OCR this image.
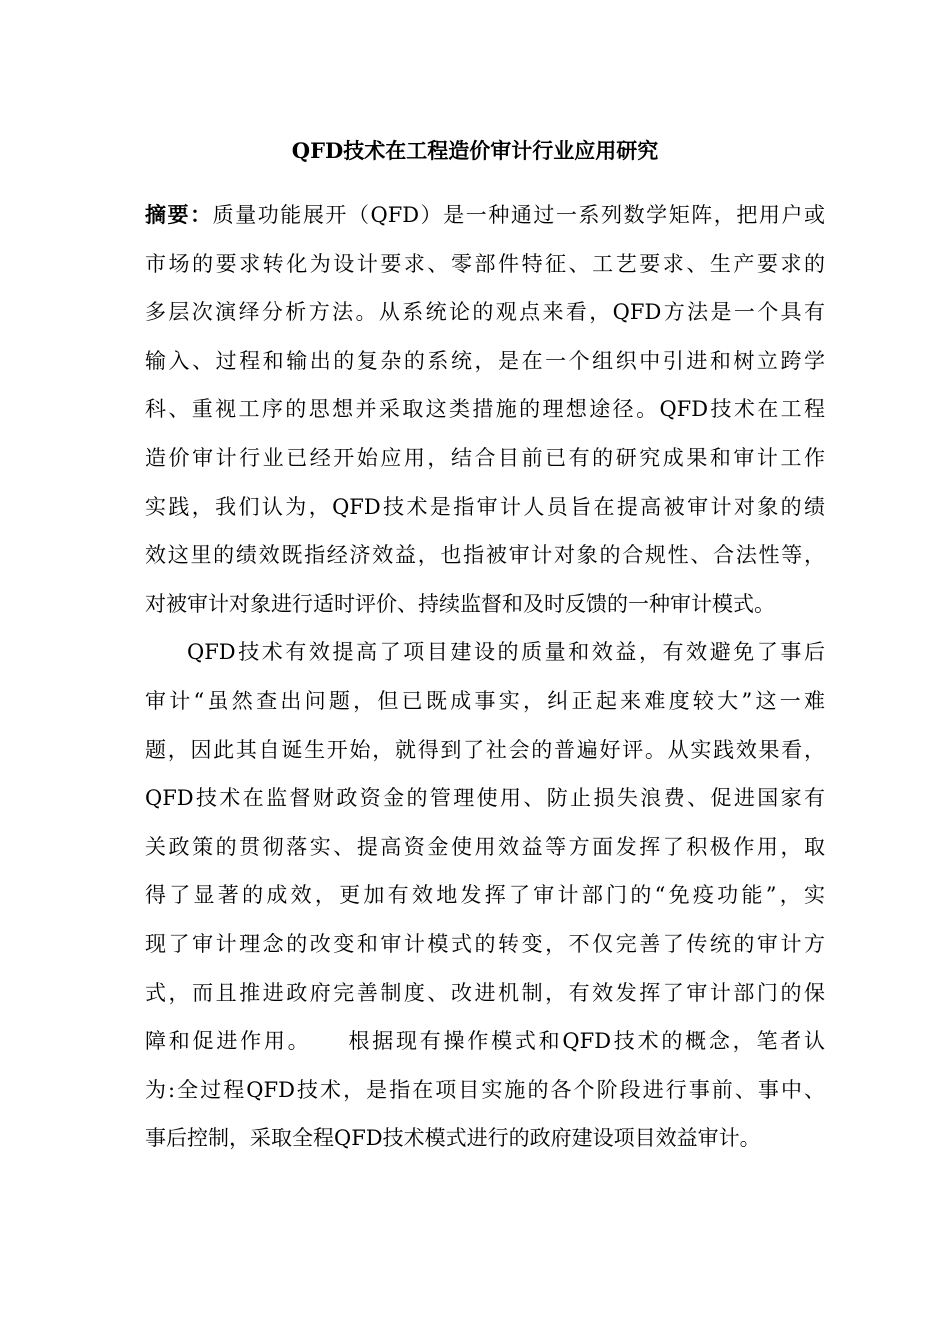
QFD技术在工程造价审计行业应用研究
摘要：质量功能展开（QFD）是一种通过一系列数学矩阵，把用户或
市场的要求转化为设计要求、零部件特征、工艺要求、生产要求的
多层次演绎分析方法。从系统论的观点来看，QFD方法是一个具有
输入、过程和输出的复杂的系统，是在一个组织中引进和树立跨学
科、重视工序的思想并采取这类措施的理想途径。QFD技术在工程
造价审计行业已经开始应用，结合目前已有的研究成果和审计工作
实践，我们认为，QFD技术是指审计人员旨在提高被审计对象的绩
效这里的绩效既指经济效益，也指被审计对象的合规性、合法性等，
对被审计对象进行适时评价、持续监督和及时反馈的一种审计模式。
QFD技术有效提高了项目建设的质量和效益，有效避免了事后
审计“虽然查出问题，但已既成事实，纠正起来难度较大”这一难
题，因此其自诞生开始，就得到了社会的普遍好评。从实践效果看，
QFD技术在监督财政资金的管理使用、防止损失浪费、促进国家有
关政策的贯彻落实、提高资金使用效益等方面发挥了积极作用，取
得了显著的成效，更加有效地发挥了审计部门的“免疫功能”，实
现了审计理念的改变和审计模式的转变，不仅完善了传统的审计方
式，而且推进政府完善制度、改进机制，有效发挥了审计部门的保
障和促进作用。　　根据现有操作模式和QFD技术的概念，笔者认
为:全过程QFD技术，是指在项目实施的各个阶段进行事前、事中、
事后控制，采取全程QFD技术模式进行的政府建设项目效益审计。
